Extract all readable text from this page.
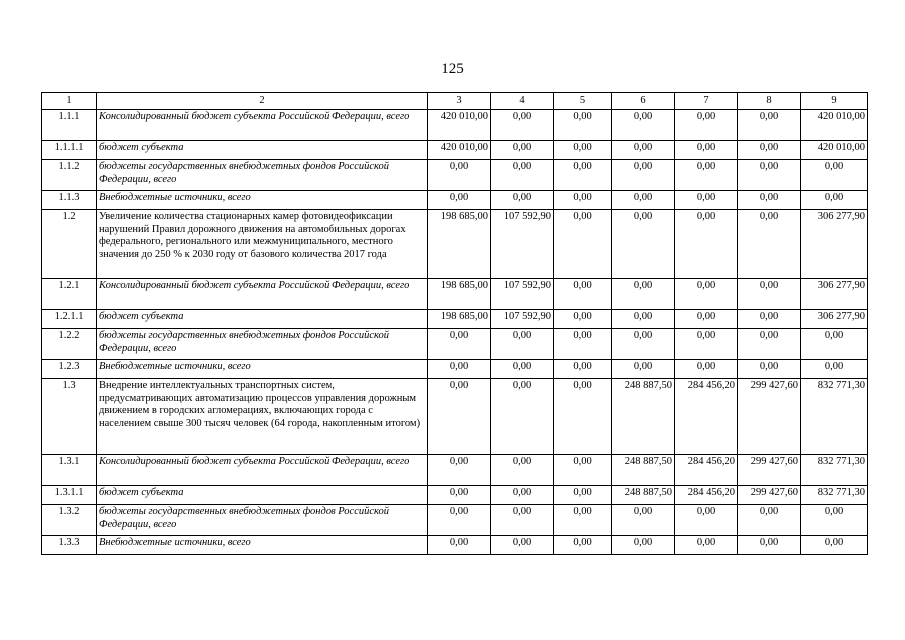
125
1	2	3	4	5	6	7	8	9
1.1.1	Консолидированный бюджет субъекта Российской Федерации, всего	420 010,00	0,00	0,00	0,00	0,00	0,00	420 010,00
1.1.1.1	бюджет субъекта	420 010,00	0,00	0,00	0,00	0,00	0,00	420 010,00
1.1.2	бюджеты государственных внебюджетных фондов Российской Федерации, всего	0,00	0,00	0,00	0,00	0,00	0,00	0,00
1.1.3	Внебюджетные источники, всего	0,00	0,00	0,00	0,00	0,00	0,00	0,00
1.2	Увеличение количества стационарных камер фотовидеофиксации нарушений Правил дорожного движения на автомобильных дорогах федерального, регионального или межмуниципального, местного значения до 250 % к 2030 году от базового количества 2017 года	198 685,00	107 592,90	0,00	0,00	0,00	0,00	306 277,90
1.2.1	Консолидированный бюджет субъекта Российской Федерации, всего	198 685,00	107 592,90	0,00	0,00	0,00	0,00	306 277,90
1.2.1.1	бюджет субъекта	198 685,00	107 592,90	0,00	0,00	0,00	0,00	306 277,90
1.2.2	бюджеты государственных внебюджетных фондов Российской Федерации, всего	0,00	0,00	0,00	0,00	0,00	0,00	0,00
1.2.3	Внебюджетные источники, всего	0,00	0,00	0,00	0,00	0,00	0,00	0,00
1.3	Внедрение интеллектуальных транспортных систем, предусматривающих автоматизацию процессов управления дорожным движением в городских агломерациях, включающих города с населением свыше 300 тысяч человек (64 города, накопленным итогом)	0,00	0,00	0,00	248 887,50	284 456,20	299 427,60	832 771,30
1.3.1	Консолидированный бюджет субъекта Российской Федерации, всего	0,00	0,00	0,00	248 887,50	284 456,20	299 427,60	832 771,30
1.3.1.1	бюджет субъекта	0,00	0,00	0,00	248 887,50	284 456,20	299 427,60	832 771,30
1.3.2	бюджеты государственных внебюджетных фондов Российской Федерации, всего	0,00	0,00	0,00	0,00	0,00	0,00	0,00
1.3.3	Внебюджетные источники, всего	0,00	0,00	0,00	0,00	0,00	0,00	0,00
